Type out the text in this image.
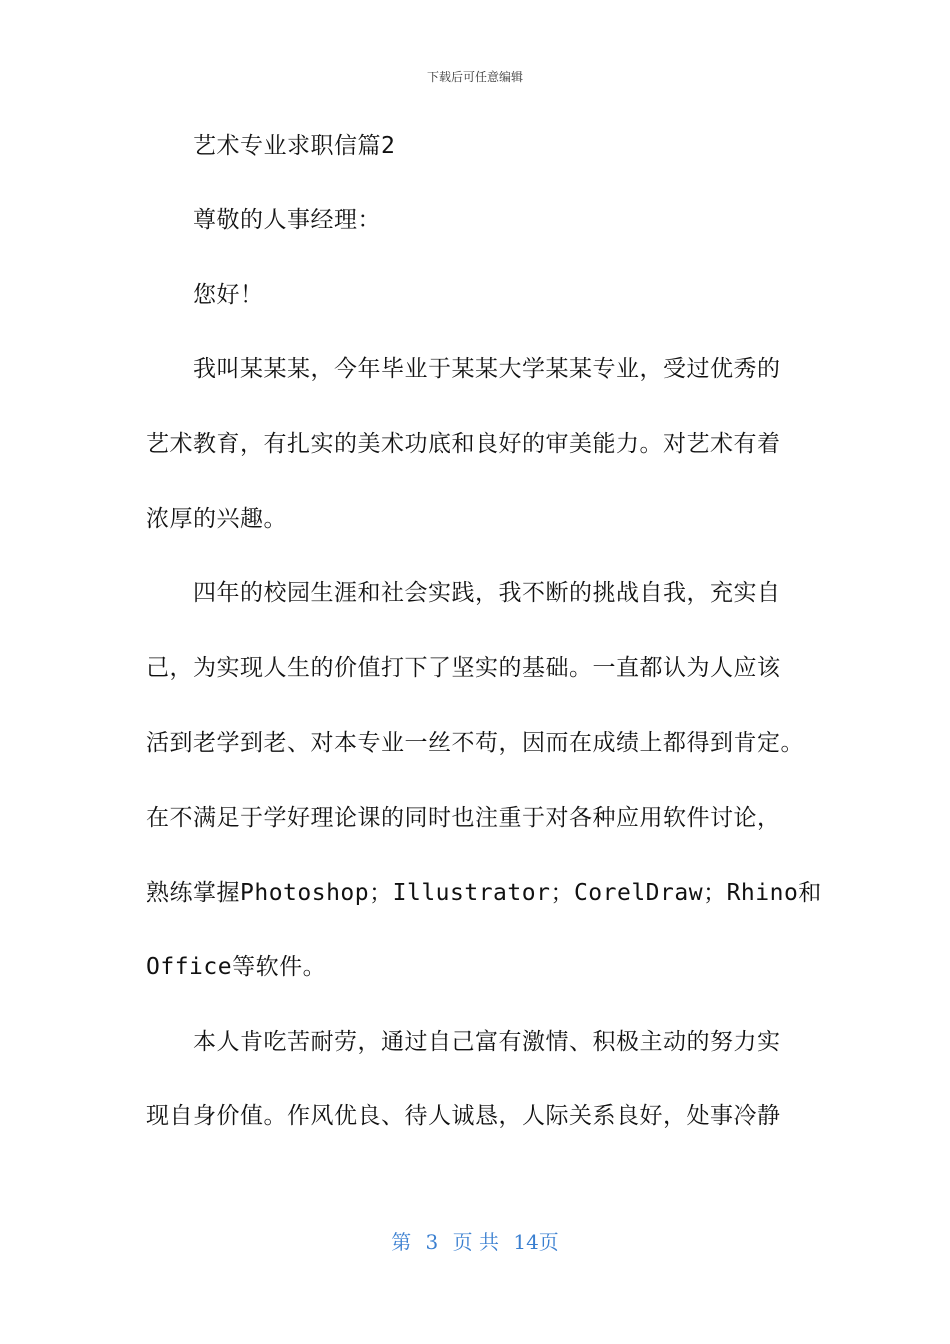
下载后可任意编辑
艺术专业求职信篇2
尊敬的人事经理：
您好！
我叫某某某，今年毕业于某某大学某某专业，受过优秀的
艺术教育，有扎实的美术功底和良好的审美能力。对艺术有着
浓厚的兴趣。
四年的校园生涯和社会实践，我不断的挑战自我，充实自
己，为实现人生的价值打下了坚实的基础。一直都认为人应该
活到老学到老、对本专业一丝不苟，因而在成绩上都得到肯定。
在不满足于学好理论课的同时也注重于对各种应用软件讨论，
熟练掌握Photoshop；Illustrator；CorelDraw；Rhino和
Office等软件。
本人肯吃苦耐劳，通过自己富有激情、积极主动的努力实
现自身价值。作风优良、待人诚恳，人际关系良好，处事冷静
第 3 页 共 14页
